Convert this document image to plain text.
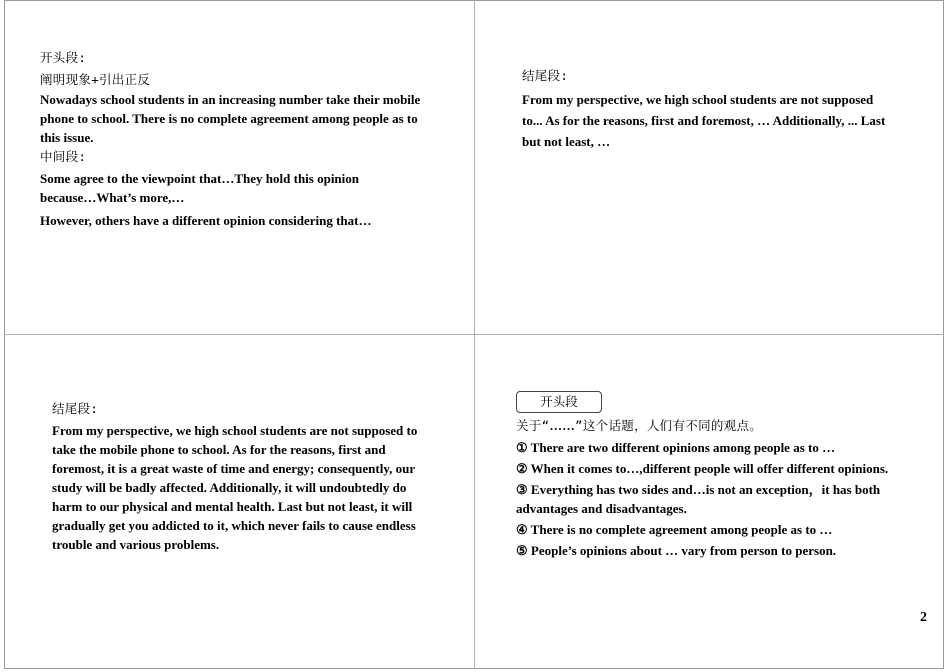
开头段:
阐明现象+引出正反

Nowadays school students in an increasing number take their mobile phone to school. There is no complete agreement among people as to this issue.

中间段:

Some agree to the viewpoint that…They hold this opinion because…What’s more,…

However, others have a different opinion considering that…

结尾段:

From my perspective, we high school students are not supposed to... As for the reasons, first and foremost, … Additionally, ... Last but not least, …

结尾段:

From my perspective, we high school students are not supposed to take the mobile phone to school. As for the reasons, first and foremost, it is a great waste of time and energy; consequently, our study will be badly affected. Additionally, it will undoubtedly do harm to our physical and mental health. Last but not least, it will gradually get you addicted to it, which never fails to cause endless trouble and various problems.

开头段
关于“……”这个话题，人们有不同的观点。
① There are two different opinions among people as to …
② When it comes to…,different people will offer different opinions.
③ Everything has two sides and…is not an exception，it has both advantages and disadvantages.
④ There is no complete agreement among people as to …
⑤ People’s opinions about … vary from person to person.
2
